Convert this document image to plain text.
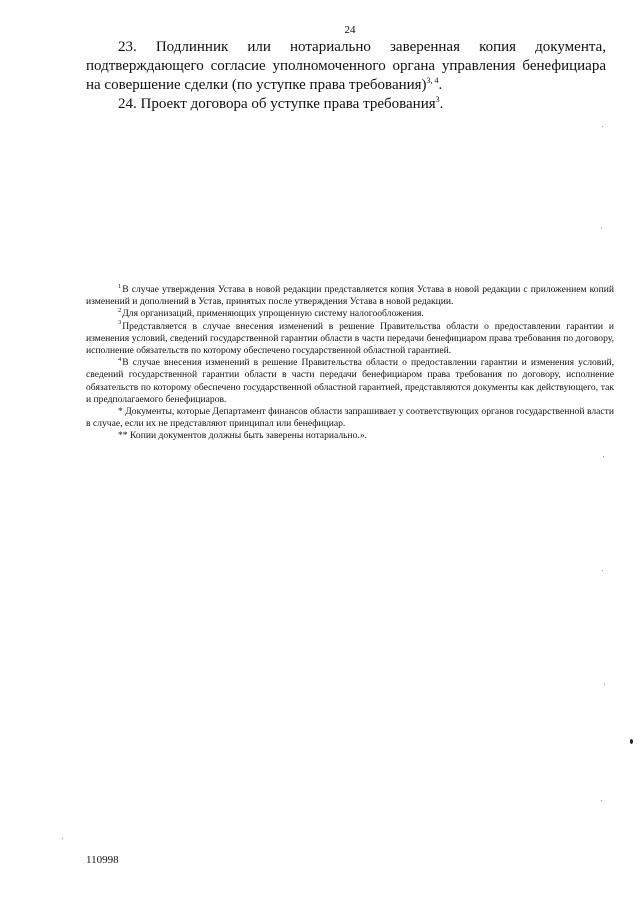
24

23. Подлинник или нотариально заверенная копия документа, подтверждающего согласие уполномоченного органа управления бенефициара на совершение сделки (по уступке права требования)$^{3, 4}$.

24. Проект договора об уступке права требования$^3$.

$^1$В случае утверждения Устава в новой редакции представляется копия Устава в новой редакции с приложением копий изменений и дополнений в Устав, принятых после утверждения Устава в новой редакции.

$^2$Для организаций, применяющих упрощенную систему налогообложения.

$^3$Представляется в случае внесения изменений в решение Правительства области о предоставлении гарантии и изменения условий, сведений государственной гарантии области в части передачи бенефициаром права требования по договору, исполнение обязательств по которому обеспечено государственной областной гарантией.

$^4$В случае внесения изменений в решение Правительства области о предоставлении гарантии и изменения условий, сведений государственной гарантии области в части передачи бенефициаром права требования по договору, исполнение обязательств по которому обеспечено государственной областной гарантией, представляются документы как действующего, так и предполагаемого бенефициаров.

* Документы, которые Департамент финансов области запрашивает у соответствующих органов государственной власти в случае, если их не представляют принципал или бенефициар.

** Копии документов должны быть заверены нотариально.».

110998
